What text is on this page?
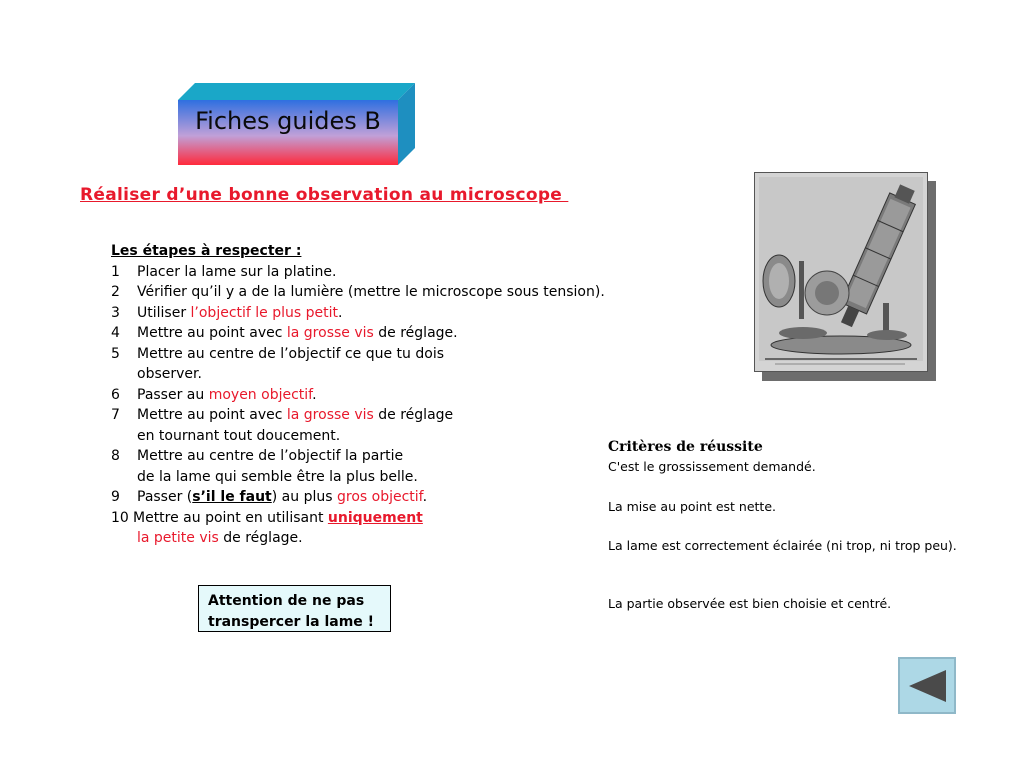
Fiches guides B
Réaliser d’une bonne observation au microscope
Les étapes à respecter :
1 Placer la lame sur la platine.
2 Vérifier qu’il y a de la lumière (mettre le microscope sous tension).
3 Utiliser l’objectif le plus petit.
4 Mettre au point avec la grosse vis de réglage.
5 Mettre au centre de l’objectif ce que tu dois
observer.
6 Passer au moyen objectif.
7 Mettre au point avec la grosse vis de réglage
en tournant tout doucement.
8 Mettre au centre de l’objectif la partie
de la lame qui semble être la plus belle.
9 Passer (s’il le faut) au plus gros objectif.
10 Mettre au point en utilisant uniquement
la petite vis de réglage.
Attention de ne pas
transpercer la lame !
Critères de réussite
C'est le grossissement demandé.
La mise au point est nette.
La lame est correctement éclairée (ni trop, ni trop peu).
La partie observée est bien choisie et centré.
